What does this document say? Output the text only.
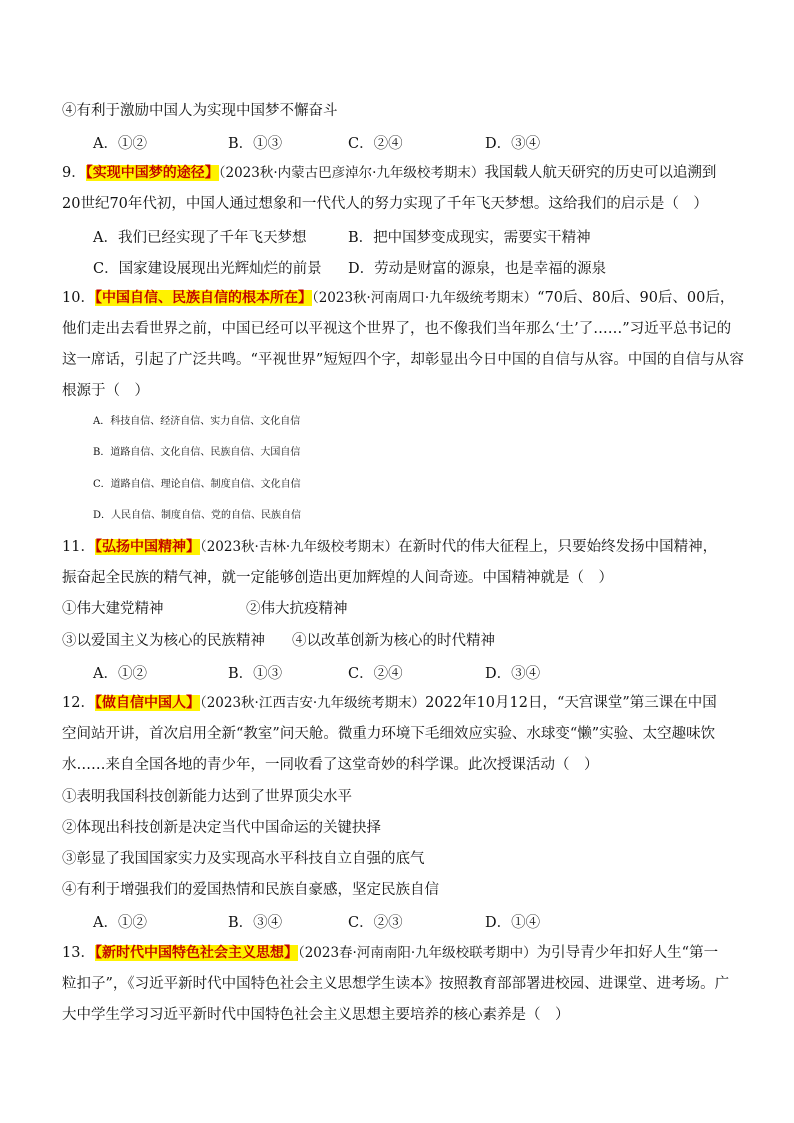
④有利于激励中国人为实现中国梦不懈奋斗
A．①②	B．①③	C．②④	D．③④
9．【实现中国梦的途径】（2023秋·内蒙古巴彦淖尔·九年级校考期末）我国载人航天研究的历史可以追溯到
20世纪70年代初，中国人通过想象和一代代人的努力实现了千年飞天梦想。这给我们的启示是（　）
A．我们已经实现了千年飞天梦想	B．把中国梦变成现实，需要实干精神
C．国家建设展现出光辉灿烂的前景 D．劳动是财富的源泉，也是幸福的源泉
10．【中国自信、民族自信的根本所在】（2023秋·河南周口·九年级统考期末）“70后、80后、90后、00后，
他们走出去看世界之前，中国已经可以平视这个世界了，也不像我们当年那么‘土’了……”习近平总书记的
这一席话，引起了广泛共鸣。“平视世界”短短四个字，却彰显出今日中国的自信与从容。中国的自信与从容
根源于（　）
A．科技自信、经济自信、实力自信、文化自信
B．道路自信、文化自信、民族自信、大国自信
C．道路自信、理论自信、制度自信、文化自信
D．人民自信、制度自信、党的自信、民族自信
11．【弘扬中国精神】（2023秋·吉林·九年级校考期末）在新时代的伟大征程上，只要始终发扬中国精神，
振奋起全民族的精气神，就一定能够创造出更加辉煌的人间奇迹。中国精神就是（　）
①伟大建党精神	②伟大抗疫精神
③以爱国主义为核心的民族精神 ④以改革创新为核心的时代精神
A．①②	B．①③	C．②④	D．③④
12．【做自信中国人】（2023秋·江西吉安·九年级统考期末）2022年10月12日，“天宫课堂”第三课在中国
空间站开讲，首次启用全新“教室”问天舱。微重力环境下毛细效应实验、水球变“懒”实验、太空趣味饮
水……来自全国各地的青少年，一同收看了这堂奇妙的科学课。此次授课活动（　）
①表明我国科技创新能力达到了世界顶尖水平
②体现出科技创新是决定当代中国命运的关键抉择
③彰显了我国国家实力及实现高水平科技自立自强的底气
④有利于增强我们的爱国热情和民族自豪感，坚定民族自信
A．①②	B．③④	C．②③	D．①④
13．【新时代中国特色社会主义思想】（2023春·河南南阳·九年级校联考期中）为引导青少年扣好人生“第一
粒扣子”，《习近平新时代中国特色社会主义思想学生读本》按照教育部部署进校园、进课堂、进考场。广
大中学生学习习近平新时代中国特色社会主义思想主要培养的核心素养是（　）
